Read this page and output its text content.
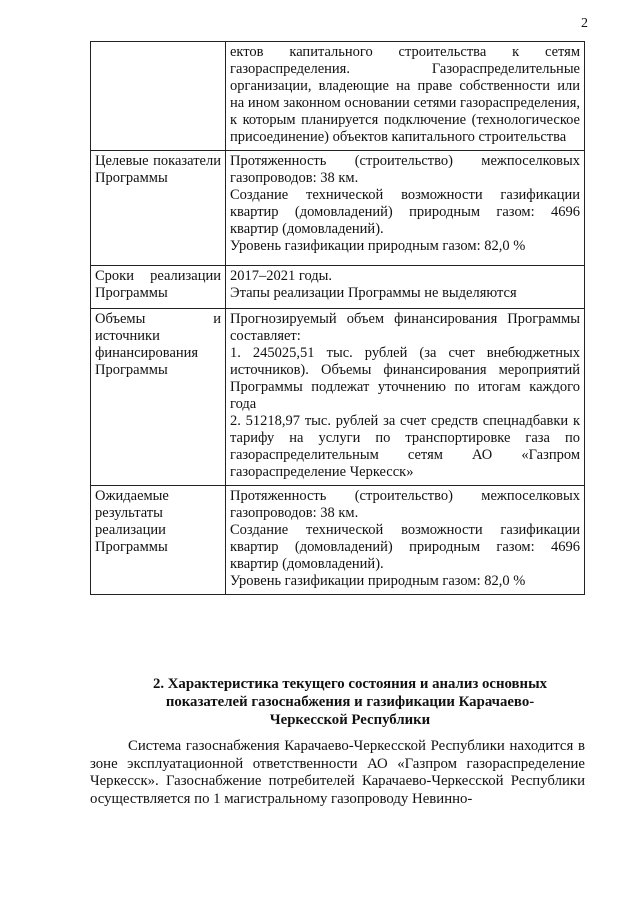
2

	ектов капитального строительства к сетям газораспределения. Газораспределительные организации, владеющие на праве собственности или на ином законном основании сетями газораспределения, к которым планируется подключение (технологическое присоединение) объектов капитального строительства

Целевые показатели Программы	Протяженность (строительство) межпоселковых газопроводов: 38 км.
Создание технической возможности газификации квартир (домовладений) природным газом: 4696 квартир (домовладений).
Уровень газификации природным газом: 82,0 %

Сроки реализации Программы	2017–2021 годы.
Этапы реализации Программы не выделяются

Объемы и источники финансирования Программы	Прогнозируемый объем финансирования Программы составляет:
1. 245025,51 тыс. рублей (за счет внебюджетных источников). Объемы финансирования мероприятий Программы подлежат уточнению по итогам каждого года
2. 51218,97 тыс. рублей за счет средств спецнадбавки к тарифу на услуги по транспортировке газа по газораспределительным сетям АО «Газпром газораспределение Черкесск»

Ожидаемые результаты реализации Программы	Протяженность (строительство) межпоселковых газопроводов: 38 км.
Создание технической возможности газификации квартир (домовладений) природным газом: 4696 квартир (домовладений).
Уровень газификации природным газом: 82,0 %
2. Характеристика текущего состояния и анализ основных показателей газоснабжения и газификации Карачаево-Черкесской Республики

Система газоснабжения Карачаево-Черкесской Республики находится в зоне эксплуатационной ответственности АО «Газпром газораспределение Черкесск». Газоснабжение потребителей Карачаево-Черкесской Республики осуществляется по 1 магистральному газопроводу Невинно-
